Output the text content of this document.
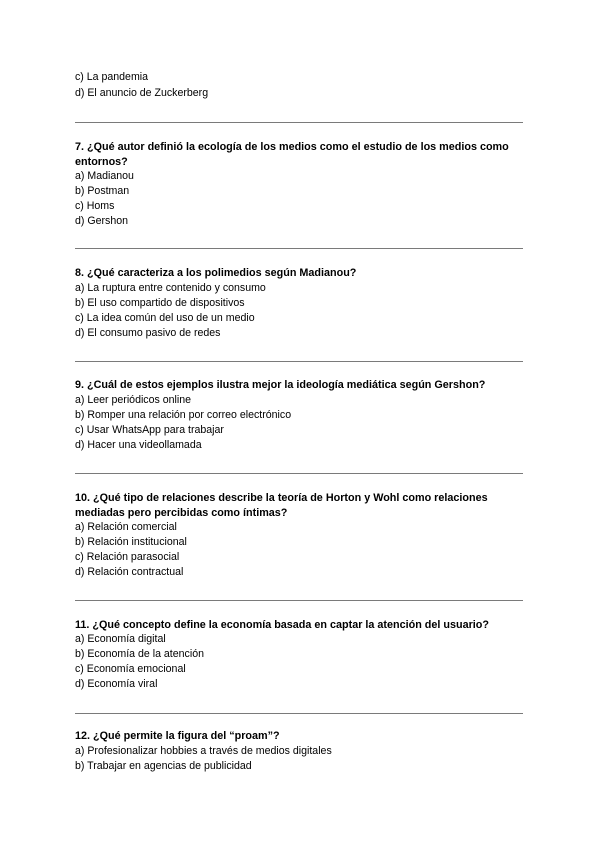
c) La pandemia
d) El anuncio de Zuckerberg
7. ¿Qué autor definió la ecología de los medios como el estudio de los medios como
entornos?
a) Madianou
b) Postman
c) Homs
d) Gershon
8. ¿Qué caracteriza a los polimedios según Madianou?
a) La ruptura entre contenido y consumo
b) El uso compartido de dispositivos
c) La idea común del uso de un medio
d) El consumo pasivo de redes
9. ¿Cuál de estos ejemplos ilustra mejor la ideología mediática según Gershon?
a) Leer periódicos online
b) Romper una relación por correo electrónico
c) Usar WhatsApp para trabajar
d) Hacer una videollamada
10. ¿Qué tipo de relaciones describe la teoría de Horton y Wohl como relaciones
mediadas pero percibidas como íntimas?
a) Relación comercial
b) Relación institucional
c) Relación parasocial
d) Relación contractual
11. ¿Qué concepto define la economía basada en captar la atención del usuario?
a) Economía digital
b) Economía de la atención
c) Economía emocional
d) Economía viral
12. ¿Qué permite la figura del “proam”?
a) Profesionalizar hobbies a través de medios digitales
b) Trabajar en agencias de publicidad
